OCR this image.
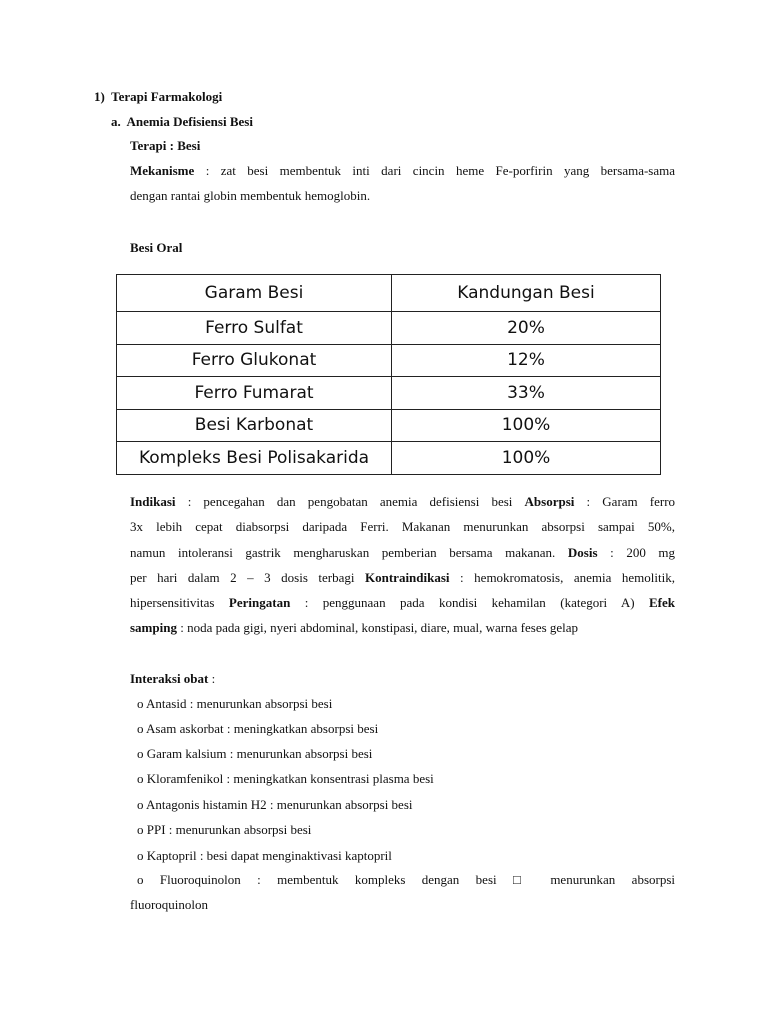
1) Terapi Farmakologi
a. Anemia Defisiensi Besi
Terapi : Besi
Mekanisme : zat besi membentuk inti dari cincin heme Fe-porfirin yang bersama-sama
dengan rantai globin membentuk hemoglobin.
Besi Oral
Garam Besi	Kandungan Besi
Ferro Sulfat	20%
Ferro Glukonat	12%
Ferro Fumarat	33%
Besi Karbonat	100%
Kompleks Besi Polisakarida	100%
Indikasi : pencegahan dan pengobatan anemia defisiensi besi Absorpsi : Garam ferro
3x lebih cepat diabsorpsi daripada Ferri. Makanan menurunkan absorpsi sampai 50%,
namun intoleransi gastrik mengharuskan pemberian bersama makanan. Dosis : 200 mg
per hari dalam 2 – 3 dosis terbagi Kontraindikasi : hemokromatosis, anemia hemolitik,
hipersensitivitas Peringatan : penggunaan pada kondisi kehamilan (kategori A) Efek
samping : noda pada gigi, nyeri abdominal, konstipasi, diare, mual, warna feses gelap
Interaksi obat :
o Antasid : menurunkan absorpsi besi
o Asam askorbat : meningkatkan absorpsi besi
o Garam kalsium : menurunkan absorpsi besi
o Kloramfenikol : meningkatkan konsentrasi plasma besi
o Antagonis histamin H2 : menurunkan absorpsi besi
o PPI : menurunkan absorpsi besi
o Kaptopril : besi dapat menginaktivasi kaptopril
o Fluoroquinolon : membentuk kompleks dengan besi □ menurunkan absorpsi
fluoroquinolon
